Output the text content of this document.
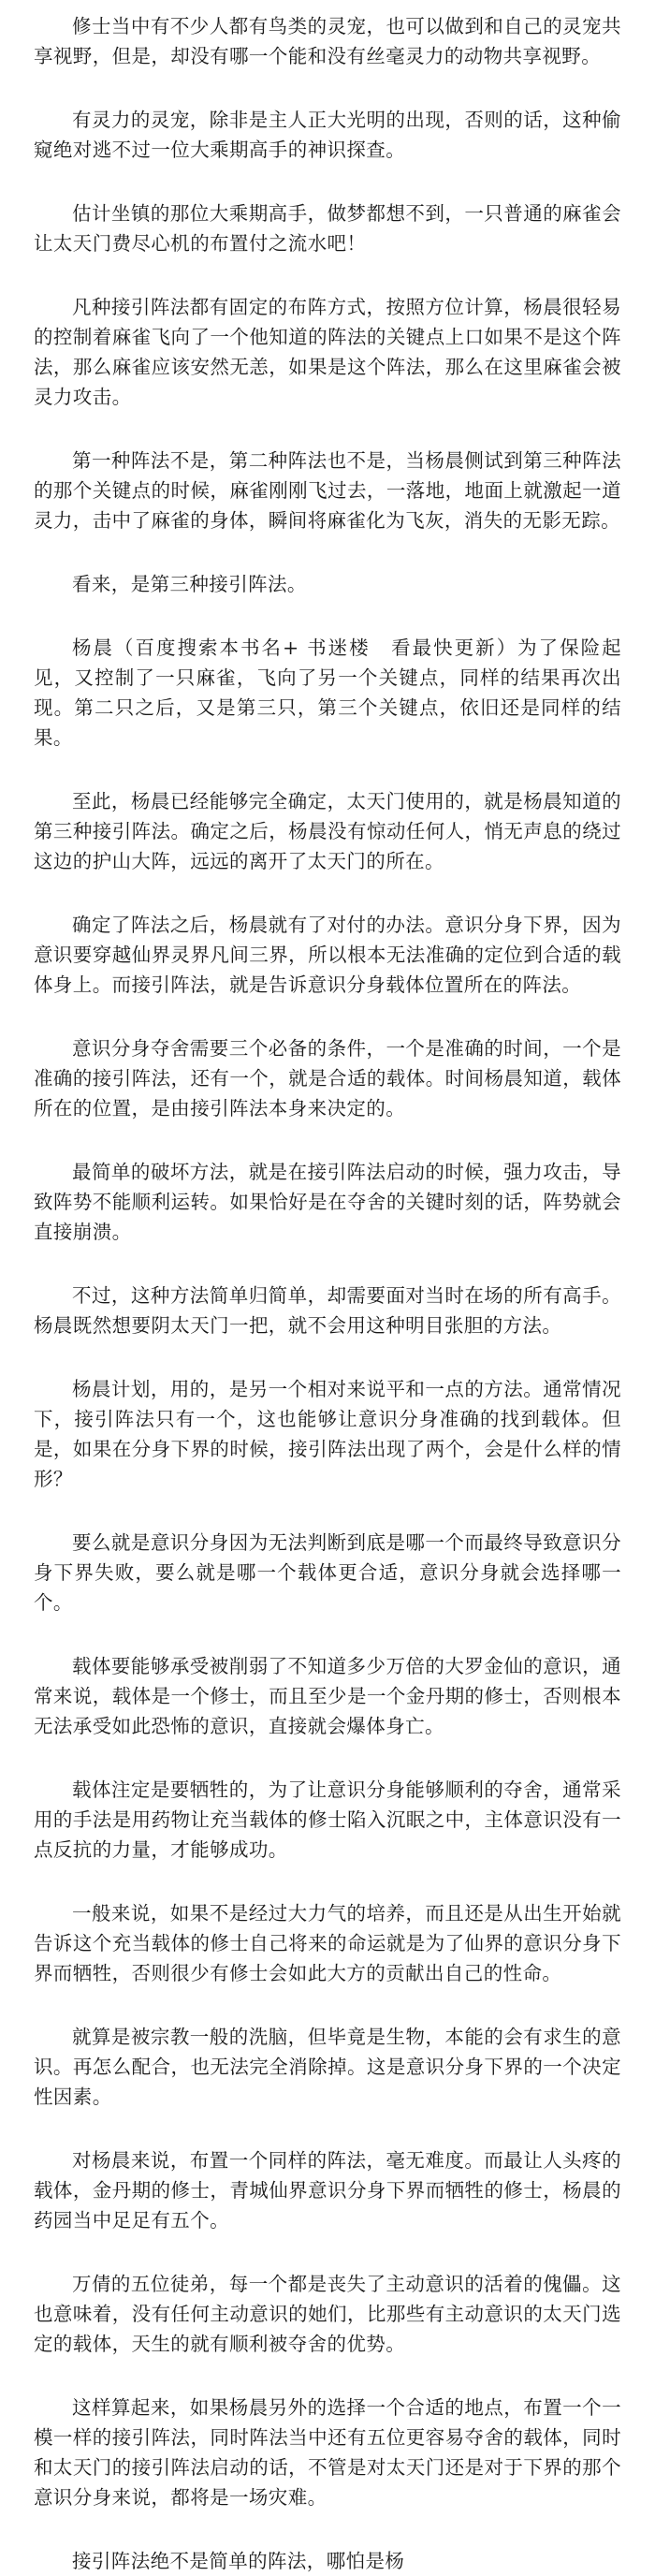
修士当中有不少人都有鸟类的灵宠，也可以做到和自己的灵宠共享视野，但是，却没有哪一个能和没有丝毫灵力的动物共享视野。

有灵力的灵宠，除非是主人正大光明的出现，否则的话，这种偷窥绝对逃不过一位大乘期高手的神识探查。

估计坐镇的那位大乘期高手，做梦都想不到，一只普通的麻雀会让太天门费尽心机的布置付之流水吧！

凡种接引阵法都有固定的布阵方式，按照方位计算，杨晨很轻易的控制着麻雀飞向了一个他知道的阵法的关键点上口如果不是这个阵法，那么麻雀应该安然无恙，如果是这个阵法，那么在这里麻雀会被灵力攻击。

第一种阵法不是，第二种阵法也不是，当杨晨侧试到第三种阵法的那个关键点的时候，麻雀刚刚飞过去，一落地，地面上就激起一道灵力，击中了麻雀的身体，瞬间将麻雀化为飞灰，消失的无影无踪。

看来，是第三种接引阵法。

杨晨（百度搜索本书名+ 书迷楼　看最快更新）为了保险起见，又控制了一只麻雀，飞向了另一个关键点，同样的结果再次出现。第二只之后，又是第三只，第三个关键点，依旧还是同样的结果。

至此，杨晨已经能够完全确定，太天门使用的，就是杨晨知道的第三种接引阵法。确定之后，杨晨没有惊动任何人，悄无声息的绕过这边的护山大阵，远远的离开了太天门的所在。

确定了阵法之后，杨晨就有了对付的办法。意识分身下界，因为意识要穿越仙界灵界凡间三界，所以根本无法准确的定位到合适的载体身上。而接引阵法，就是告诉意识分身载体位置所在的阵法。

意识分身夺舍需要三个必备的条件，一个是准确的时间，一个是准确的接引阵法，还有一个，就是合适的载体。时间杨晨知道，载体所在的位置，是由接引阵法本身来决定的。

最简单的破坏方法，就是在接引阵法启动的时候，强力攻击，导致阵势不能顺利运转。如果恰好是在夺舍的关键时刻的话，阵势就会直接崩溃。

不过，这种方法简单归简单，却需要面对当时在场的所有高手。杨晨既然想要阴太天门一把，就不会用这种明目张胆的方法。

杨晨计划，用的，是另一个相对来说平和一点的方法。通常情况下，接引阵法只有一个，这也能够让意识分身准确的找到载体。但是，如果在分身下界的时候，接引阵法出现了两个，会是什么样的情形？

要么就是意识分身因为无法判断到底是哪一个而最终导致意识分身下界失败，要么就是哪一个载体更合适，意识分身就会选择哪一个。

载体要能够承受被削弱了不知道多少万倍的大罗金仙的意识，通常来说，载体是一个修士，而且至少是一个金丹期的修士，否则根本无法承受如此恐怖的意识，直接就会爆体身亡。

载体注定是要牺牲的，为了让意识分身能够顺利的夺舍，通常采用的手法是用药物让充当载体的修士陷入沉眠之中，主体意识没有一点反抗的力量，才能够成功。

一般来说，如果不是经过大力气的培养，而且还是从出生开始就告诉这个充当载体的修士自己将来的命运就是为了仙界的意识分身下界而牺牲，否则很少有修士会如此大方的贡献出自己的性命。

就算是被宗教一般的洗脑，但毕竟是生物，本能的会有求生的意识。再怎么配合，也无法完全消除掉。这是意识分身下界的一个决定性因素。

对杨晨来说，布置一个同样的阵法，毫无难度。而最让人头疼的载体，金丹期的修士，青城仙界意识分身下界而牺牲的修士，杨晨的药园当中足足有五个。

万倩的五位徒弟，每一个都是丧失了主动意识的活着的傀儡。这也意味着，没有任何主动意识的她们，比那些有主动意识的太天门选定的载体，天生的就有顺利被夺舍的优势。

这样算起来，如果杨晨另外的选择一个合适的地点，布置一个一模一样的接引阵法，同时阵法当中还有五位更容易夺舍的载体，同时和太天门的接引阵法启动的话，不管是对太天门还是对于下界的那个意识分身来说，都将是一场灾难。

接引阵法绝不是简单的阵法，哪怕是杨
